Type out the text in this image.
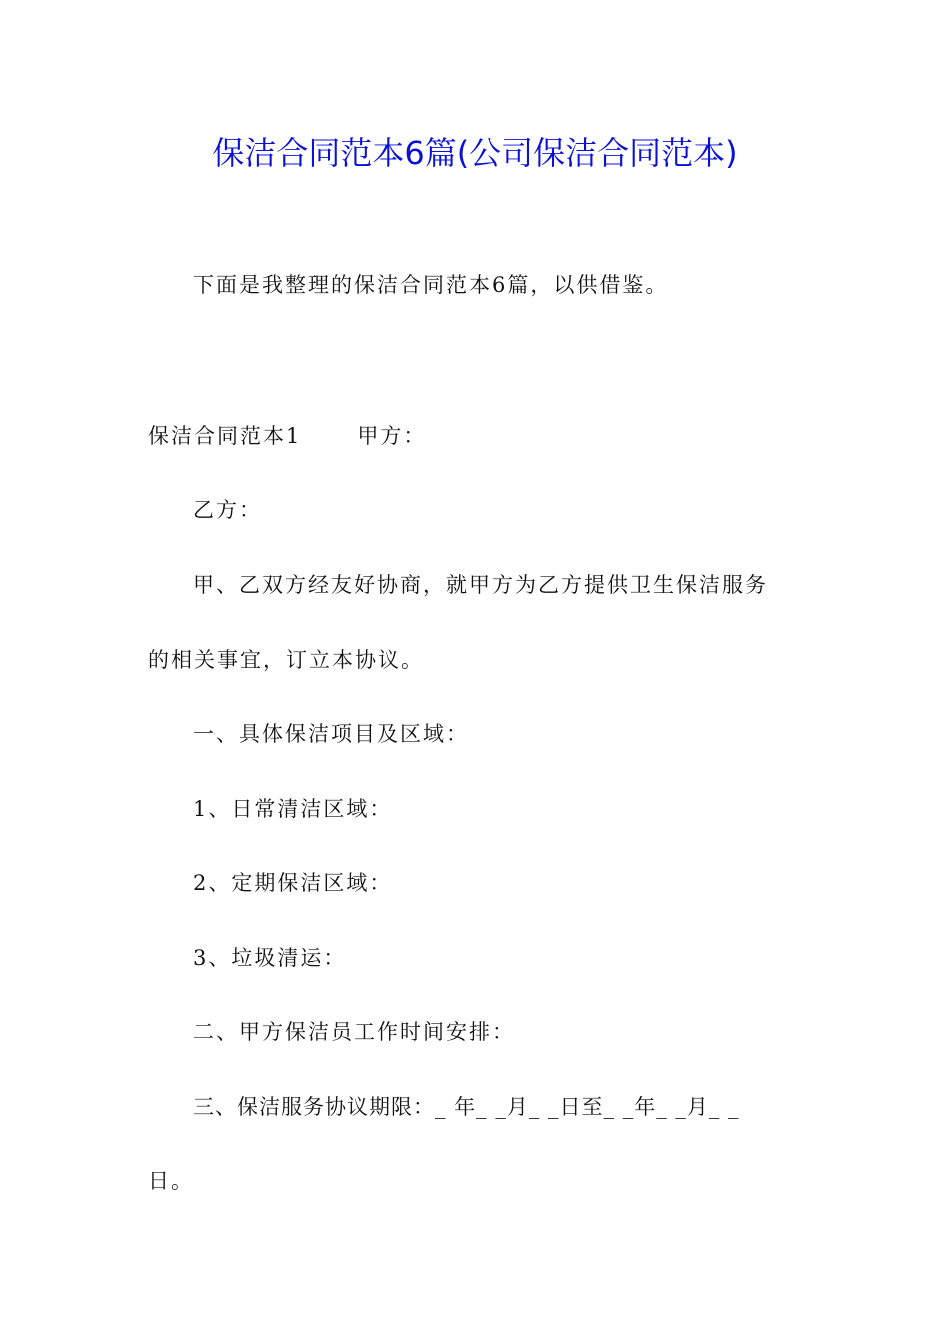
保洁合同范本6篇(公司保洁合同范本)
下面是我整理的保洁合同范本6篇，以供借鉴。
保洁合同范本1	甲方：
乙方：
甲、乙双方经友好协商，就甲方为乙方提供卫生保洁服务
的相关事宜，订立本协议。
一、具体保洁项目及区域：
1、日常清洁区域：
2、定期保洁区域：
3、垃圾清运：
二、甲方保洁员工作时间安排：
三、保洁服务协议期限：_ 年_ _月_ _日至_ _年_ _月_ _
日。
